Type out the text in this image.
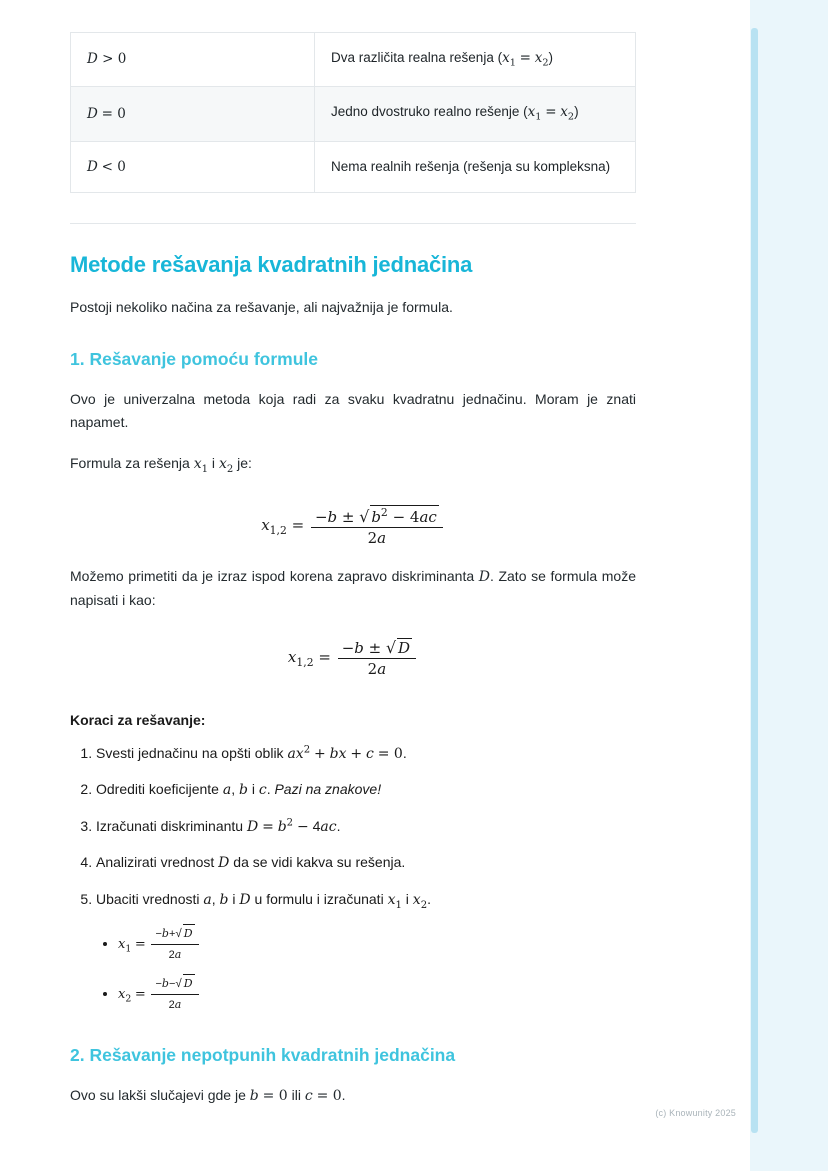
D > 0	Dva različita realna rešenja $(x_1 = x_2)$
D = 0	Jedno dvostruko realno rešenje $(x_1 = x_2)$
D < 0	Nema realnih rešenja (rešenja su kompleksna)
Metode rešavanja kvadratnih jednačina

Postoji nekoliko načina za rešavanje, ali najvažnija je formula.

1. Rešavanje pomoću formule

Ovo je univerzalna metoda koja radi za svaku kvadratnu jednačinu. Moram je znati napamet.

Formula za rešenja $x_1$ i $x_2$ je:

$x_{1,2} = \frac{-b \pm √ b^2 - 4ac}{2a}$

Možemo primetiti da je izraz ispod korena zapravo diskriminanta D. Zato se formula može napisati i kao:

$x_{1,2} = \frac{-b \pm √ D}{2a}$
Koraci za rešavanje:
1. Svesti jednačinu na opšti oblik $ax^2$ + bx + c = 0.
2. Odrediti koeficijente a, b i c. Pazi na znakove!
3. Izračunati diskriminantu $D = b^2 - 4ac$.
4. Analizirati vrednost D da se vidi kakva su rešenja.
5. Ubaciti vrednosti a, b i D u formulu i izračunati $x_1$ i $x_2$.
• $x_1 = \frac{-b+√ D}{2a}$
• $x_2 = \frac{-b-√ D}{2a}$
2. Rešavanje nepotpunih kvadratnih jednačina

Ovo su lakši slučajevi gde je b = 0 ili c = 0.

(c) Knowunity 2025
